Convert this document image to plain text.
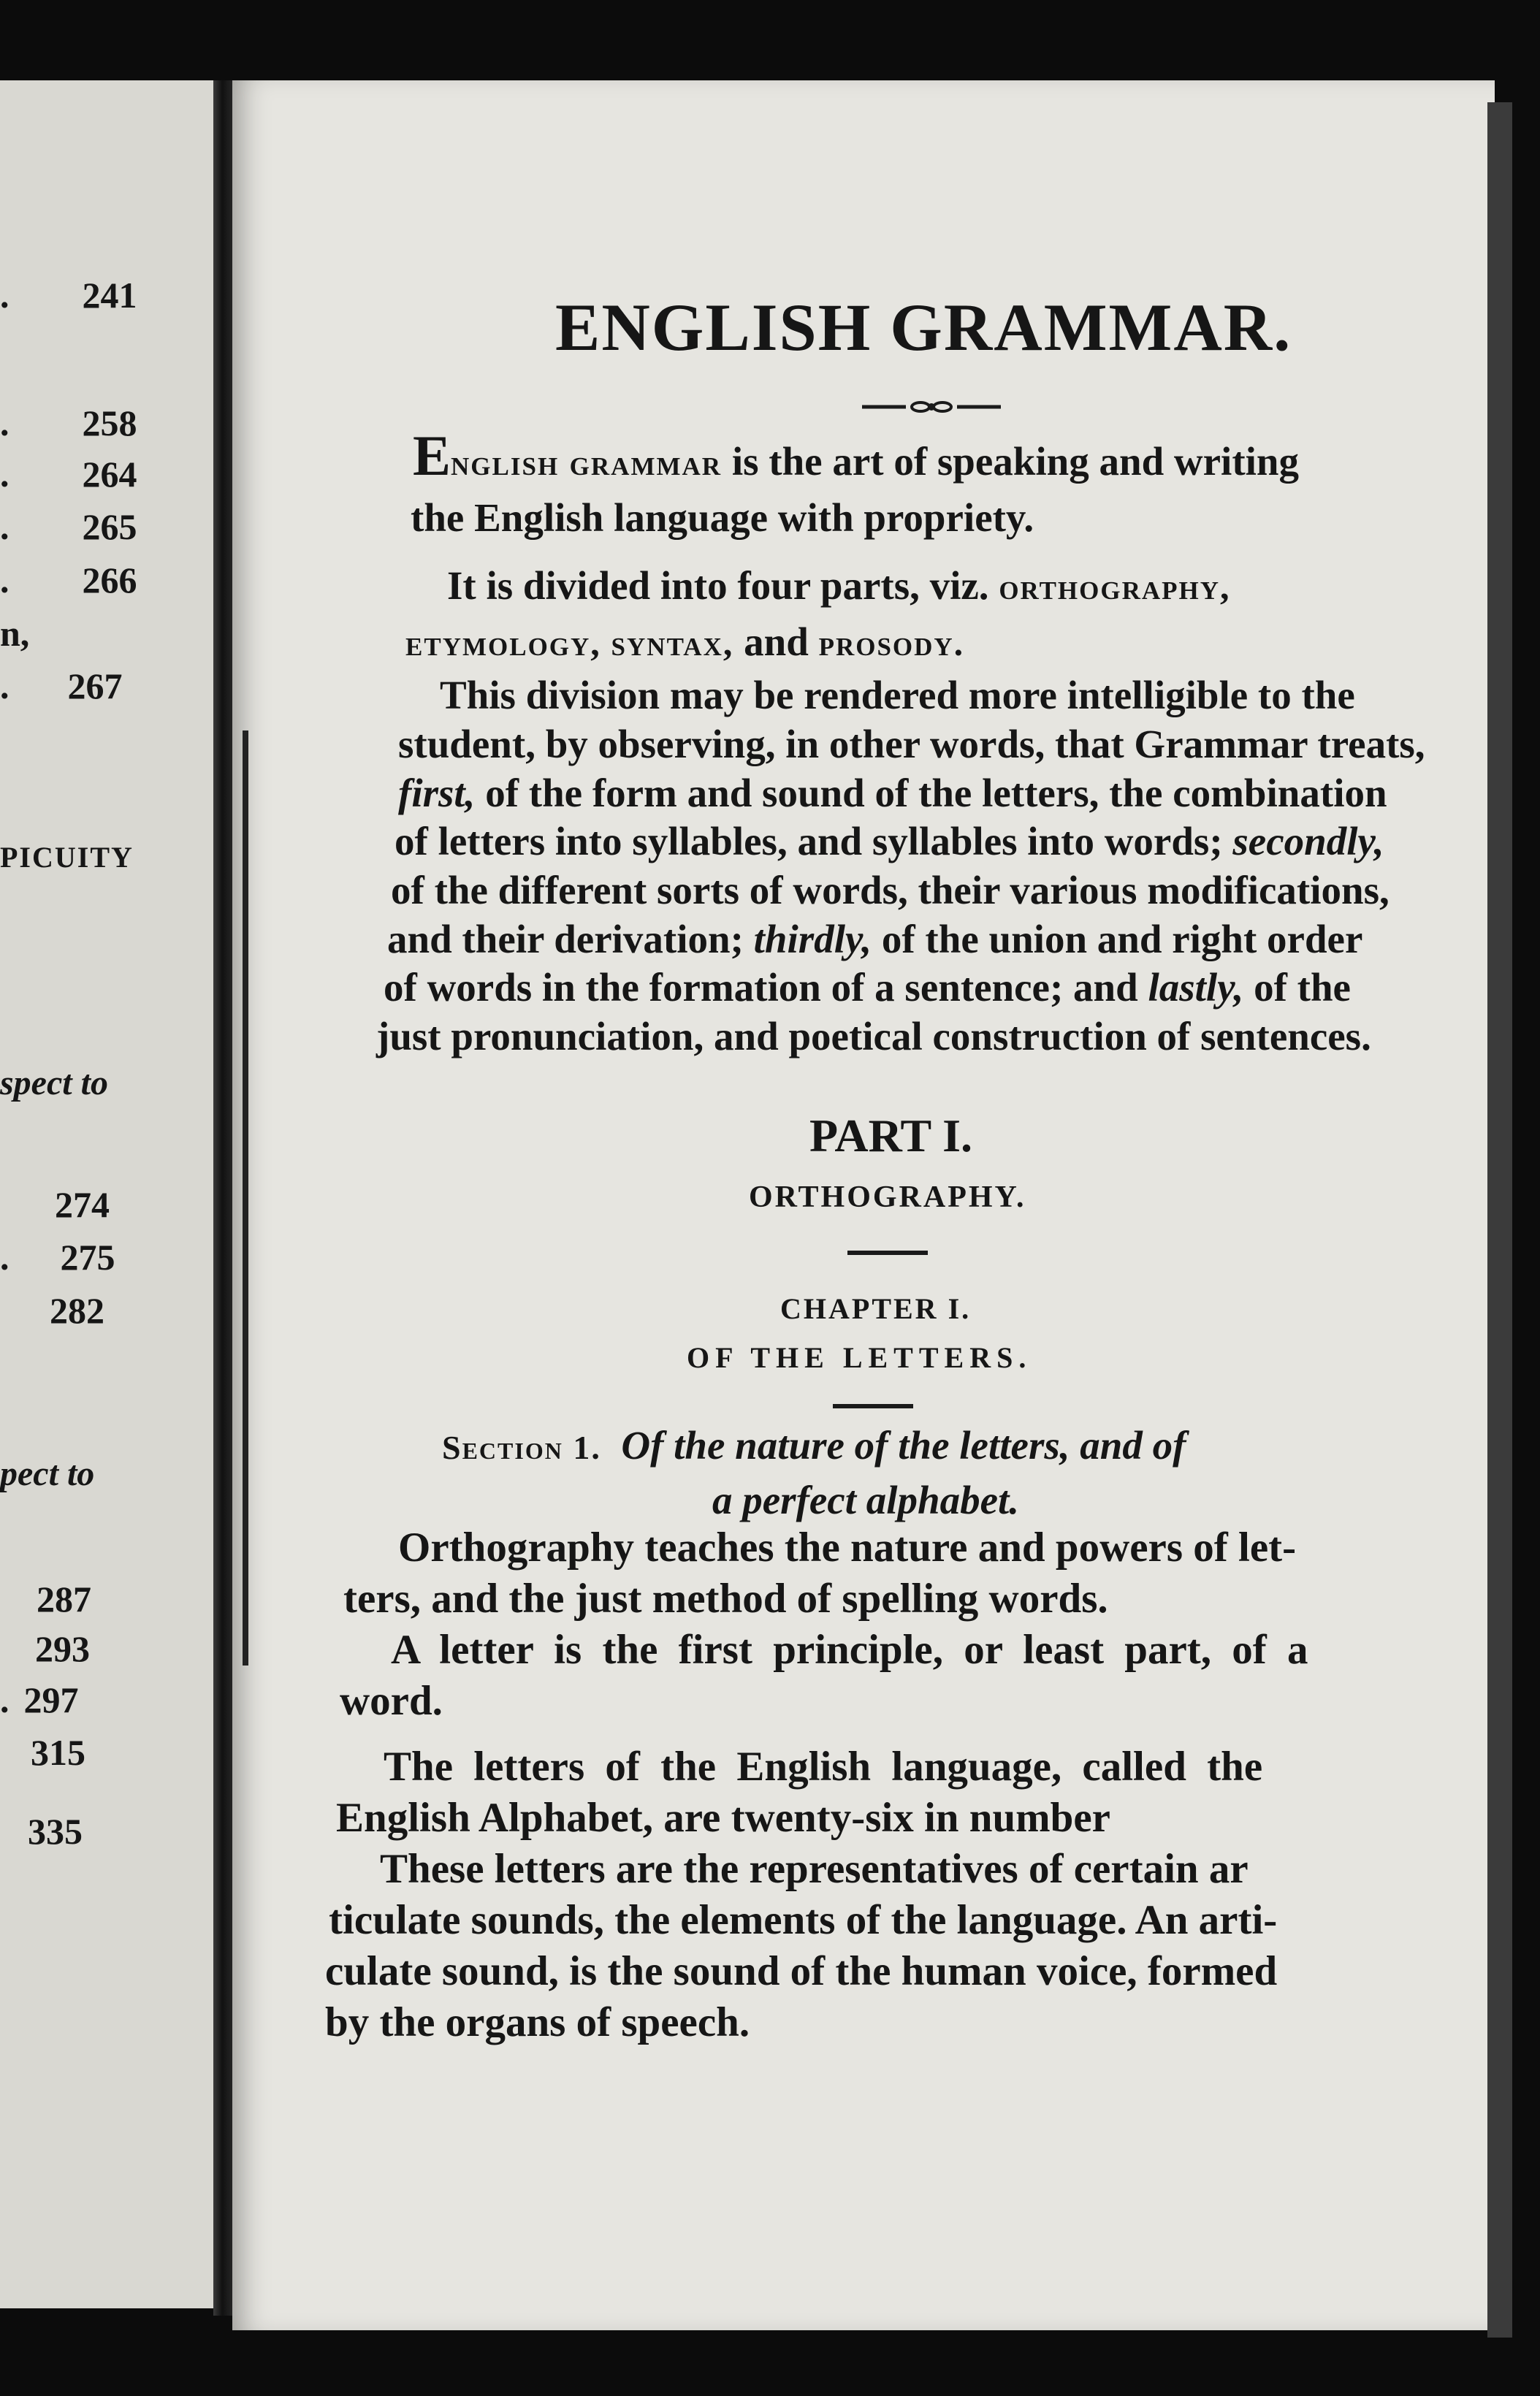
. 241
. 258
. 264
. 265
. 266
n,
. 267
PICUITY
spect to
274
. 275
282
pect to
287
293
. 297
315
335
ENGLISH GRAMMAR.
English grammar is the art of speaking and writing
the English language with propriety.
It is divided into four parts, viz. orthography,
etymology, syntax, and prosody.
This division may be rendered more intelligible to the
student, by observing, in other words, that Grammar treats,
first, of the form and sound of the letters, the combination
of letters into syllables, and syllables into words; secondly,
of the different sorts of words, their various modifications,
and their derivation; thirdly, of the union and right order
of words in the formation of a sentence; and lastly, of the
just pronunciation, and poetical construction of sentences.
PART I.
ORTHOGRAPHY.
CHAPTER I.
OF THE LETTERS.
Section 1. Of the nature of the letters, and of
a perfect alphabet.
Orthography teaches the nature and powers of let-
ters, and the just method of spelling words.
A letter is the first principle, or least part, of a
word.
The letters of the English language, called the
English Alphabet, are twenty-six in number
These letters are the representatives of certain ar
ticulate sounds, the elements of the language. An arti-
culate sound, is the sound of the human voice, formed
by the organs of speech.
